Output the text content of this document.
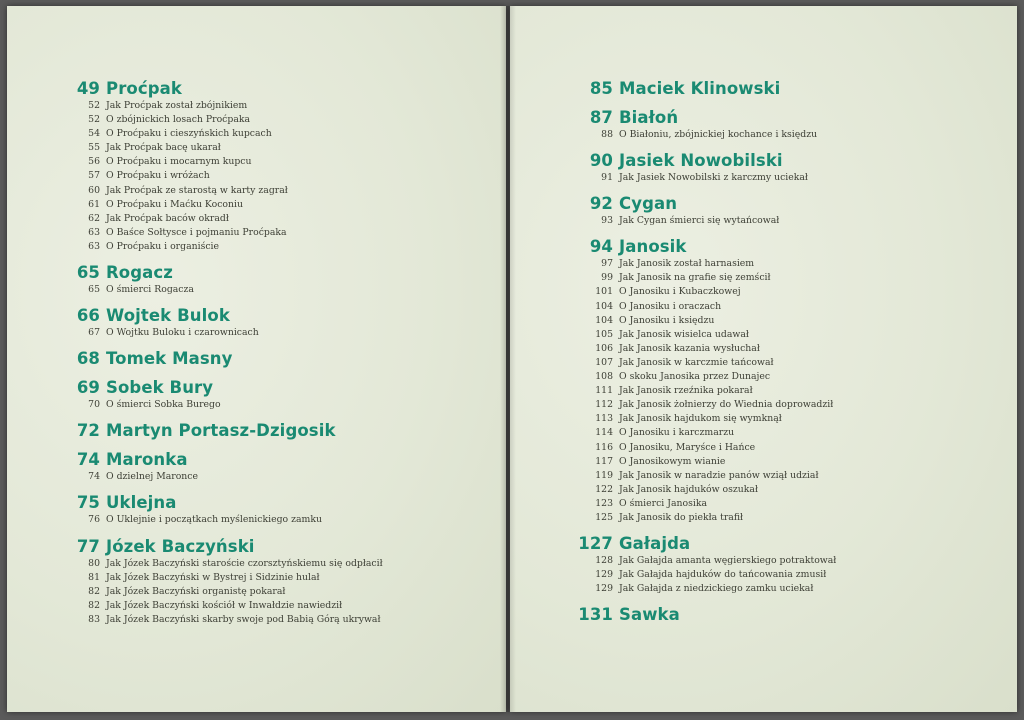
49 Proćpak
52 Jak Proćpak został zbójnikiem
52 O zbójnickich losach Proćpaka
54 O Proćpaku i cieszyńskich kupcach
55 Jak Proćpak bacę ukarał
56 O Proćpaku i mocarnym kupcu
57 O Proćpaku i wróżach
60 Jak Proćpak ze starostą w karty zagrał
61 O Proćpaku i Maćku Koconiu
62 Jak Proćpak baców okradł
63 O Baśce Sołtysce i pojmaniu Proćpaka
63 O Proćpaku i organiście
65 Rogacz
65 O śmierci Rogacza
66 Wojtek Bulok
67 O Wojtku Buloku i czarownicach
68 Tomek Masny
69 Sobek Bury
70 O śmierci Sobka Burego
72 Martyn Portasz-Dzigosik
74 Maronka
74 O dzielnej Maronce
75 Uklejna
76 O Uklejnie i początkach myślenickiego zamku
77 Józek Baczyński
80 Jak Józek Baczyński staroście czorsztyńskiemu się odpłacił
81 Jak Józek Baczyński w Bystrej i Sidzinie hulał
82 Jak Józek Baczyński organistę pokarał
82 Jak Józek Baczyński kościół w Inwałdzie nawiedził
83 Jak Józek Baczyński skarby swoje pod Babią Górą ukrywał
85 Maciek Klinowski
87 Białoń
88 O Białoniu, zbójnickiej kochance i księdzu
90 Jasiek Nowobilski
91 Jak Jasiek Nowobilski z karczmy uciekał
92 Cygan
93 Jak Cygan śmierci się wytańcował
94 Janosik
97 Jak Janosik został harnasiem
99 Jak Janosik na grafie się zemścił
101 O Janosiku i Kubaczkowej
104 O Janosiku i oraczach
104 O Janosiku i księdzu
105 Jak Janosik wisielca udawał
106 Jak Janosik kazania wysłuchał
107 Jak Janosik w karczmie tańcował
108 O skoku Janosika przez Dunajec
111 Jak Janosik rzeźnika pokarał
112 Jak Janosik żołnierzy do Wiednia doprowadził
113 Jak Janosik hajdukom się wymknął
114 O Janosiku i karczmarzu
116 O Janosiku, Maryśce i Hańce
117 O Janosikowym wianie
119 Jak Janosik w naradzie panów wziął udział
122 Jak Janosik hajduków oszukał
123 O śmierci Janosika
125 Jak Janosik do piekła trafił
127 Gałajda
128 Jak Gałajda amanta węgierskiego potraktował
129 Jak Gałajda hajduków do tańcowania zmusił
129 Jak Gałajda z niedzickiego zamku uciekał
131 Sawka
